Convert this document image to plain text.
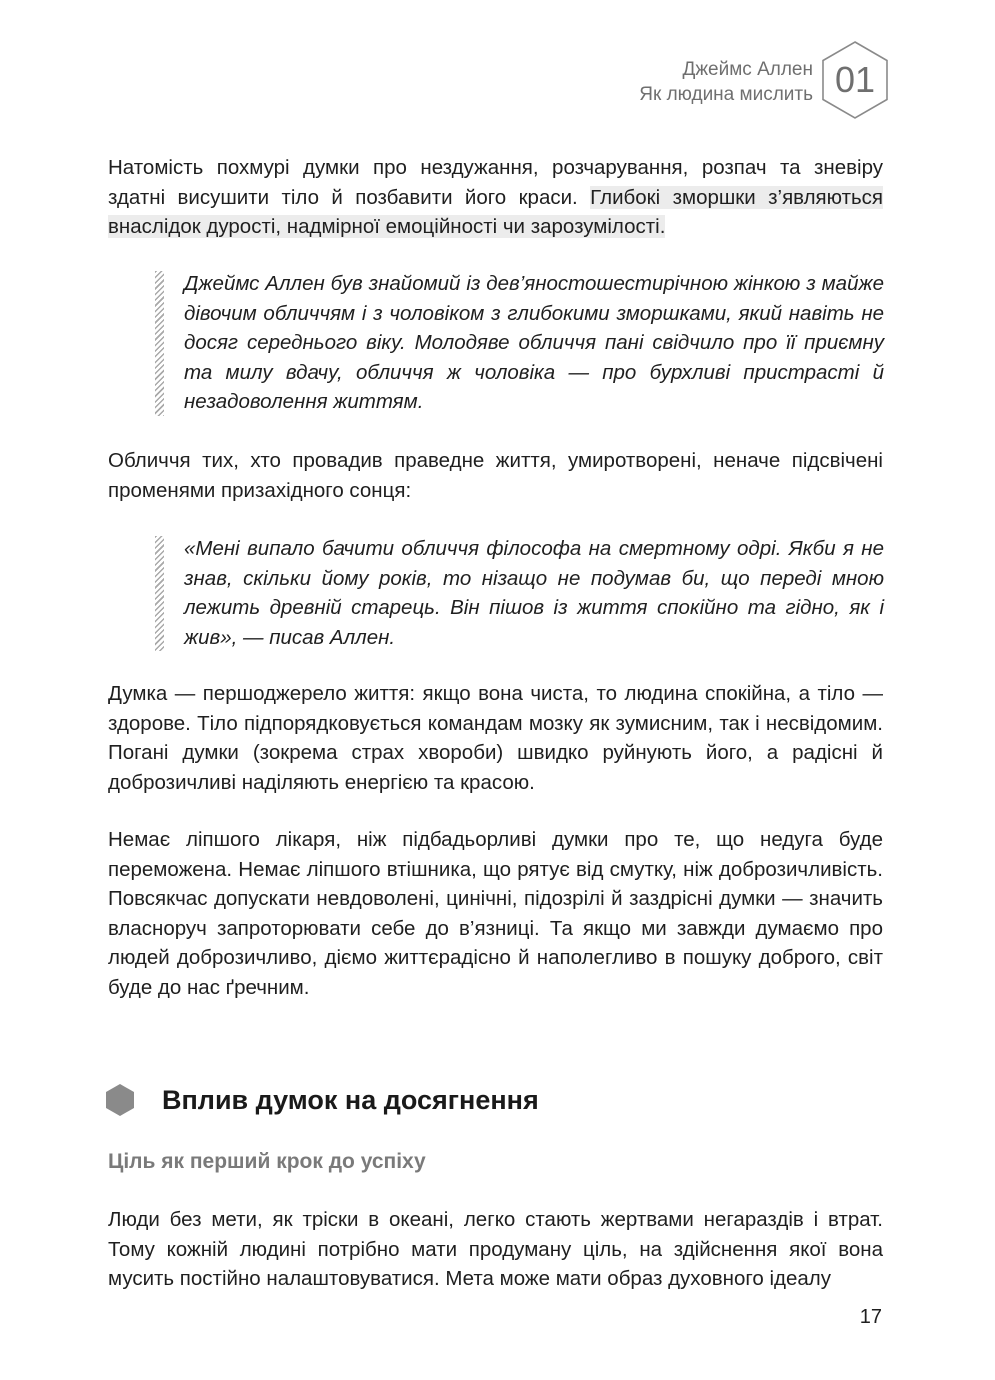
Джеймс Аллен
Як людина мислить 01

Натомість похмурі думки про нездужання, розчарування, розпач та зневіру здатні висушити тіло й позбавити його краси. Глибокі зморшки з’являються внаслідок дурості, надмірної емоційності чи зарозумілості.

Джеймс Аллен був знайомий із дев’яностошестирічною жінкою з майже дівочим обличчям і з чоловіком з глибокими зморшками, який навіть не досяг середнього віку. Молодяве обличчя пані свідчило про її приємну та милу вдачу, обличчя ж чоловіка — про бурхливі пристрасті й незадоволення життям.

Обличчя тих, хто провадив праведне життя, умиротворені, неначе підсвічені променями призахідного сонця:

«Мені випало бачити обличчя філософа на смертному одрі. Якби я не знав, скільки йому років, то нізащо не подумав би, що переді мною лежить древній старець. Він пішов із життя спокійно та гідно, як і жив», — писав Аллен.

Думка — першоджерело життя: якщо вона чиста, то людина спокійна, а тіло — здорове. Тіло підпорядковується командам мозку як зумисним, так і несвідомим. Погані думки (зокрема страх хвороби) швидко руйнують його, а радісні й доброзичливі наділяють енергією та красою.

Немає ліпшого лікаря, ніж підбадьорливі думки про те, що недуга буде переможена. Немає ліпшого втішника, що рятує від смутку, ніж доброзичливість. Повсякчас допускати невдоволені, цинічні, підозрілі й заздрісні думки — значить власноруч запроторювати себе до в’язниці. Та якщо ми завжди думаємо про людей доброзичливо, діємо життєрадісно й наполегливо в пошуку доброго, світ буде до нас ґречним.

Вплив думок на досягнення
Ціль як перший крок до успіху

Люди без мети, як тріски в океані, легко стають жертвами негараздів і втрат. Тому кожній людині потрібно мати продуману ціль, на здійснення якої вона мусить постійно налаштовуватися. Мета може мати образ духовного ідеалу

17
